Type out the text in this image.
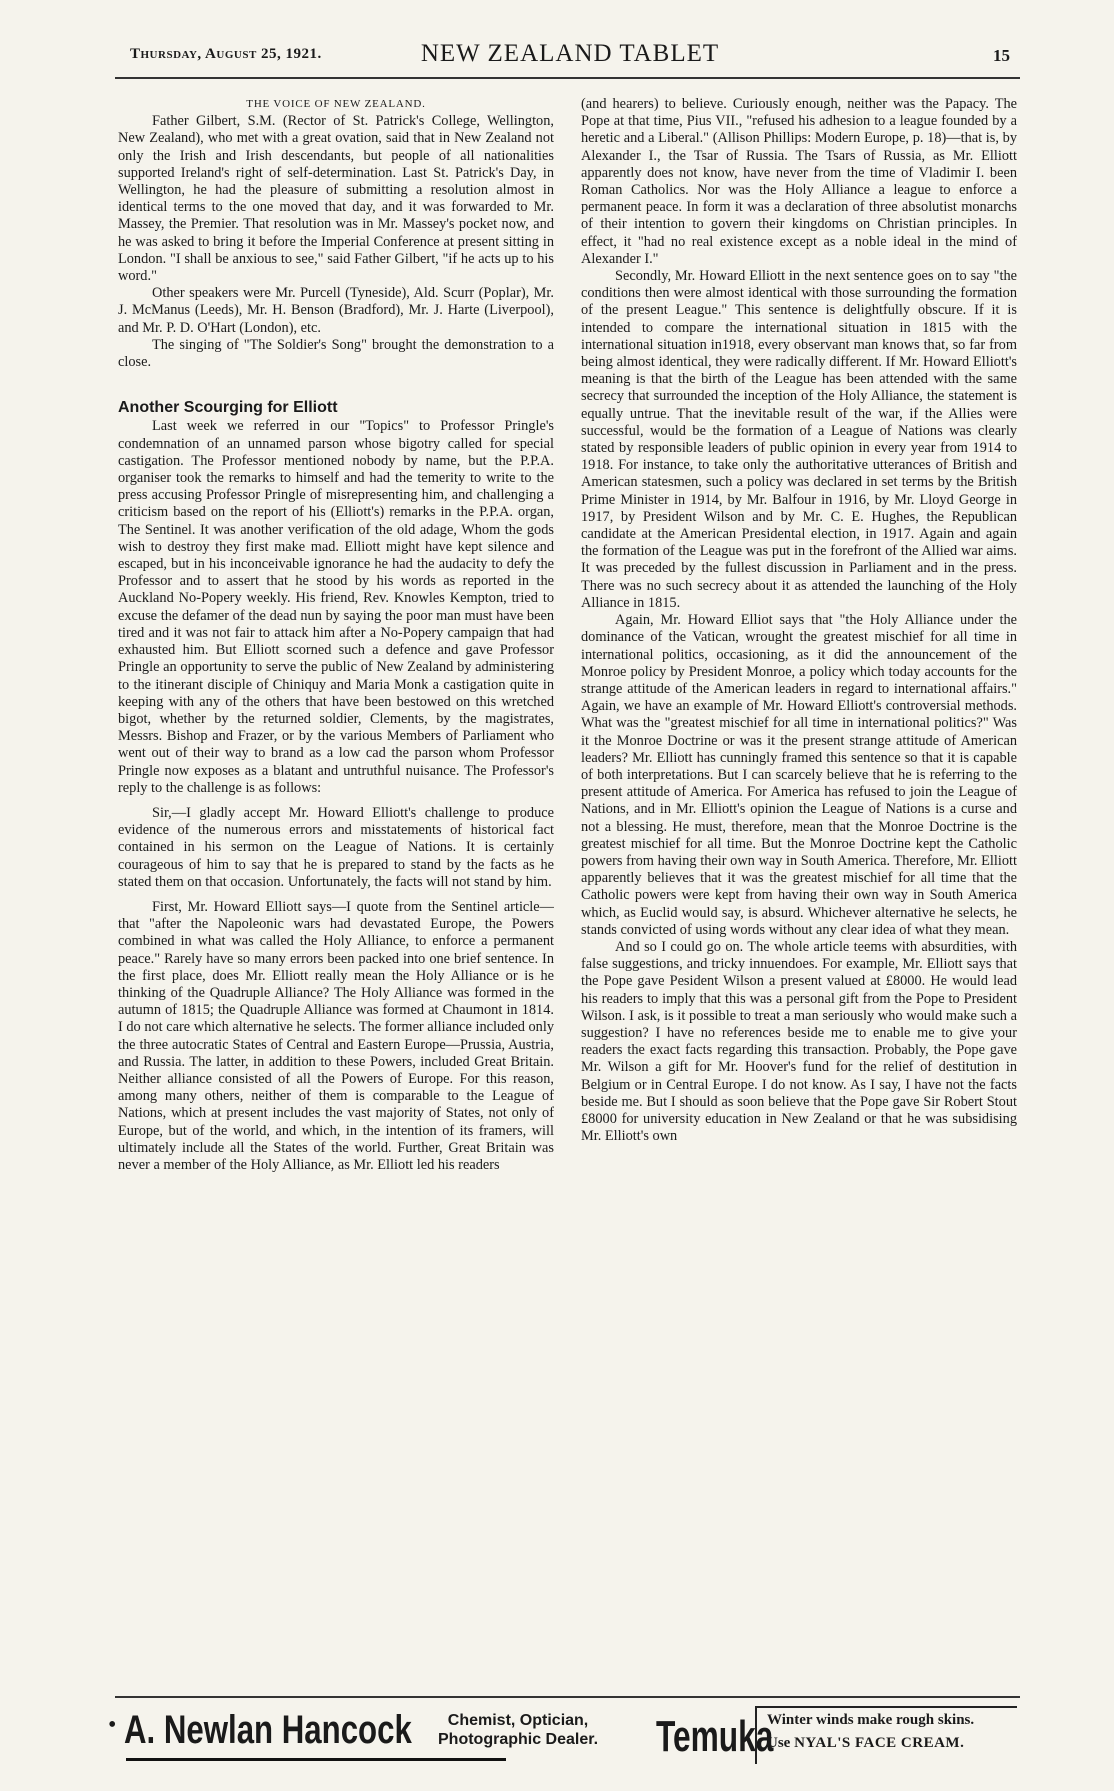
Thursday, August 25, 1921.	NEW ZEALAND TABLET	15

THE VOICE OF NEW ZEALAND.

Father Gilbert, S.M. (Rector of St. Patrick's College, Wellington, New Zealand), who met with a great ovation, said that in New Zealand not only the Irish and Irish descendants, but people of all nationalities supported Ireland's right of self-determination. Last St. Patrick's Day, in Wellington, he had the pleasure of submitting a resolution almost in identical terms to the one moved that day, and it was forwarded to Mr. Massey, the Premier. That resolution was in Mr. Massey's pocket now, and he was asked to bring it before the Imperial Conference at present sitting in London. "I shall be anxious to see," said Father Gilbert, "if he acts up to his word."

Other speakers were Mr. Purcell (Tyneside), Ald. Scurr (Poplar), Mr. J. McManus (Leeds), Mr. H. Benson (Bradford), Mr. J. Harte (Liverpool), and Mr. P. D. O'Hart (London), etc.

The singing of "The Soldier's Song" brought the demonstration to a close.

Another Scourging for Elliott

Last week we referred in our "Topics" to Professor Pringle's condemnation of an unnamed parson whose bigotry called for special castigation. The Professor mentioned nobody by name, but the P.P.A. organiser took the remarks to himself and had the temerity to write to the press accusing Professor Pringle of misrepresenting him, and challenging a criticism based on the report of his (Elliott's) remarks in the P.P.A. organ, The Sentinel. It was another verification of the old adage, Whom the gods wish to destroy they first make mad. Elliott might have kept silence and escaped, but in his inconceivable ignorance he had the audacity to defy the Professor and to assert that he stood by his words as reported in the Auckland No-Popery weekly. His friend, Rev. Knowles Kempton, tried to excuse the defamer of the dead nun by saying the poor man must have been tired and it was not fair to attack him after a No-Popery campaign that had exhausted him. But Elliott scorned such a defence and gave Professor Pringle an opportunity to serve the public of New Zealand by administering to the itinerant disciple of Chiniquy and Maria Monk a castigation quite in keeping with any of the others that have been bestowed on this wretched bigot, whether by the returned soldier, Clements, by the magistrates, Messrs. Bishop and Frazer, or by the various Members of Parliament who went out of their way to brand as a low cad the parson whom Professor Pringle now exposes as a blatant and untruthful nuisance. The Professor's reply to the challenge is as follows:

Sir,—I gladly accept Mr. Howard Elliott's challenge to produce evidence of the numerous errors and misstatements of historical fact contained in his sermon on the League of Nations. It is certainly courageous of him to say that he is prepared to stand by the facts as he stated them on that occasion. Unfortunately, the facts will not stand by him.

First, Mr. Howard Elliott says—I quote from the Sentinel article—that "after the Napoleonic wars had devastated Europe, the Powers combined in what was called the Holy Alliance, to enforce a permanent peace." Rarely have so many errors been packed into one brief sentence. In the first place, does Mr. Elliott really mean the Holy Alliance or is he thinking of the Quadruple Alliance? The Holy Alliance was formed in the autumn of 1815; the Quadruple Alliance was formed at Chaumont in 1814. I do not care which alternative he selects. The former alliance included only the three autocratic States of Central and Eastern Europe—Prussia, Austria, and Russia. The latter, in addition to these Powers, included Great Britain. Neither alliance consisted of all the Powers of Europe. For this reason, among many others, neither of them is comparable to the League of Nations, which at present includes the vast majority of States, not only of Europe, but of the world, and which, in the intention of its framers, will ultimately include all the States of the world. Further, Great Britain was never a member of the Holy Alliance, as Mr. Elliott led his readers

(and hearers) to believe. Curiously enough, neither was the Papacy. The Pope at that time, Pius VII., "refused his adhesion to a league founded by a heretic and a Liberal." (Allison Phillips: Modern Europe, p. 18)—that is, by Alexander I., the Tsar of Russia. The Tsars of Russia, as Mr. Elliott apparently does not know, have never from the time of Vladimir I. been Roman Catholics. Nor was the Holy Alliance a league to enforce a permanent peace. In form it was a declaration of three absolutist monarchs of their intention to govern their kingdoms on Christian principles. In effect, it "had no real existence except as a noble ideal in the mind of Alexander I."

Secondly, Mr. Howard Elliott in the next sentence goes on to say "the conditions then were almost identical with those surrounding the formation of the present League." This sentence is delightfully obscure. If it is intended to compare the international situation in 1815 with the international situation in1918, every observant man knows that, so far from being almost identical, they were radically different. If Mr. Howard Elliott's meaning is that the birth of the League has been attended with the same secrecy that surrounded the inception of the Holy Alliance, the statement is equally untrue. That the inevitable result of the war, if the Allies were successful, would be the formation of a League of Nations was clearly stated by responsible leaders of public opinion in every year from 1914 to 1918. For instance, to take only the authoritative utterances of British and American statesmen, such a policy was declared in set terms by the British Prime Minister in 1914, by Mr. Balfour in 1916, by Mr. Lloyd George in 1917, by President Wilson and by Mr. C. E. Hughes, the Republican candidate at the American Presidental election, in 1917. Again and again the formation of the League was put in the forefront of the Allied war aims. It was preceded by the fullest discussion in Parliament and in the press. There was no such secrecy about it as attended the launching of the Holy Alliance in 1815.

Again, Mr. Howard Elliot says that "the Holy Alliance under the dominance of the Vatican, wrought the greatest mischief for all time in international politics, occasioning, as it did the announcement of the Monroe policy by President Monroe, a policy which today accounts for the strange attitude of the American leaders in regard to international affairs." Again, we have an example of Mr. Howard Elliott's controversial methods. What was the "greatest mischief for all time in international politics?" Was it the Monroe Doctrine or was it the present strange attitude of American leaders? Mr. Elliott has cunningly framed this sentence so that it is capable of both interpretations. But I can scarcely believe that he is referring to the present attitude of America. For America has refused to join the League of Nations, and in Mr. Elliott's opinion the League of Nations is a curse and not a blessing. He must, therefore, mean that the Monroe Doctrine is the greatest mischief for all time. But the Monroe Doctrine kept the Catholic powers from having their own way in South America. Therefore, Mr. Elliott apparently believes that it was the greatest mischief for all time that the Catholic powers were kept from having their own way in South America which, as Euclid would say, is absurd. Whichever alternative he selects, he stands convicted of using words without any clear idea of what they mean.

And so I could go on. The whole article teems with absurdities, with false suggestions, and tricky innuendoes. For example, Mr. Elliott says that the Pope gave Pesident Wilson a present valued at £8000. He would lead his readers to imply that this was a personal gift from the Pope to President Wilson. I ask, is it possible to treat a man seriously who would make such a suggestion? I have no references beside me to enable me to give your readers the exact facts regarding this transaction. Probably, the Pope gave Mr. Wilson a gift for Mr. Hoover's fund for the relief of destitution in Belgium or in Central Europe. I do not know. As I say, I have not the facts beside me. But I should as soon believe that the Pope gave Sir Robert Stout £8000 for university education in New Zealand or that he was subsidising Mr. Elliott's own

• A. Newlan Hancock	Chemist, Optician,
Photographic Dealer. Temuka
Winter winds make rough skins.
Use NYAL'S FACE CREAM.
